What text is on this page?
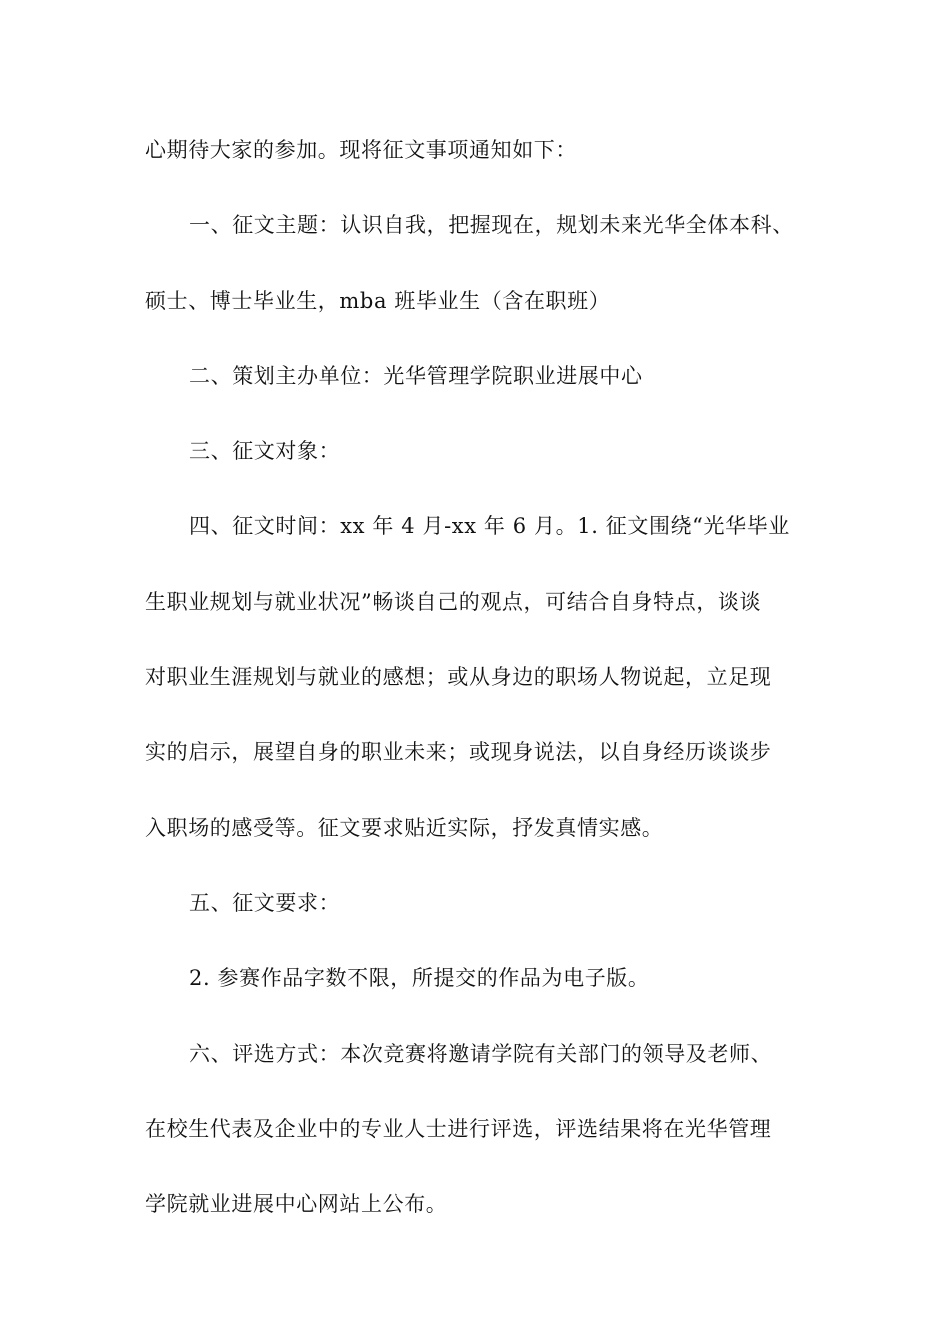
心期待大家的参加。现将征文事项通知如下：
一、征文主题：认识自我，把握现在，规划未来光华全体本科、
硕士、博士毕业生，mba 班毕业生（含在职班）
二、策划主办单位：光华管理学院职业进展中心
三、征文对象：
四、征文时间：xx 年 4 月-xx 年 6 月。1. 征文围绕“光华毕业
生职业规划与就业状况”畅谈自己的观点，可结合自身特点，谈谈
对职业生涯规划与就业的感想；或从身边的职场人物说起，立足现
实的启示，展望自身的职业未来；或现身说法，以自身经历谈谈步
入职场的感受等。征文要求贴近实际，抒发真情实感。
五、征文要求：
2. 参赛作品字数不限，所提交的作品为电子版。
六、评选方式：本次竞赛将邀请学院有关部门的领导及老师、
在校生代表及企业中的专业人士进行评选，评选结果将在光华管理
学院就业进展中心网站上公布。
